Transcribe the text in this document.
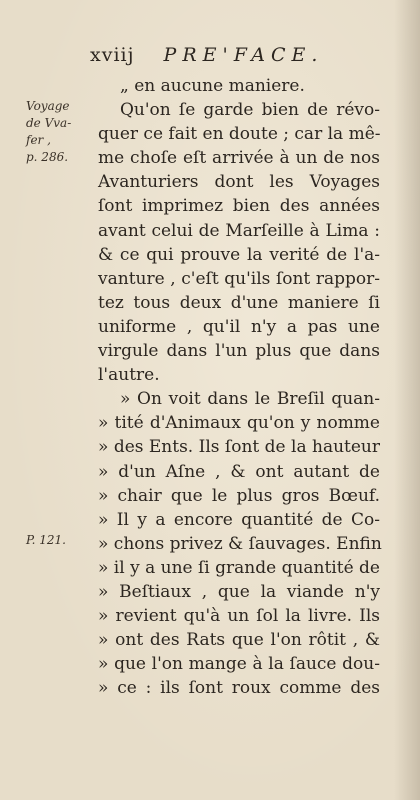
xviij PRE'FACE.
Voyage
de Vva-
fer ,
p. 286.
P. 121.
„ en aucune maniere.
Qu'on ſe garde bien de révo-
quer ce fait en doute ; car la mê-
me choſe eſt arrivée à un de nos
Avanturiers dont les Voyages
ſont imprimez bien des années
avant celui de Marſeille à Lima :
& ce qui prouve la verité de l'a-
vanture , c'eſt qu'ils ſont rappor-
tez tous deux d'une maniere ſi
uniforme , qu'il n'y a pas une
virgule dans l'un plus que dans
l'autre.
» On voit dans le Breſil quan-
» tité d'Animaux qu'on y nomme
» des Ents. Ils ſont de la hauteur
» d'un Aſne , & ont autant de
» chair que le plus gros Bœuf.
» Il y a encore quantité de Co-
» chons privez & ſauvages. Enfin
» il y a une ſi grande quantité de
» Beſtiaux , que la viande n'y
» revient qu'à un ſol la livre. Ils
» ont des Rats que l'on rôtit , &
» que l'on mange à la ſauce dou-
» ce : ils ſont roux comme des
